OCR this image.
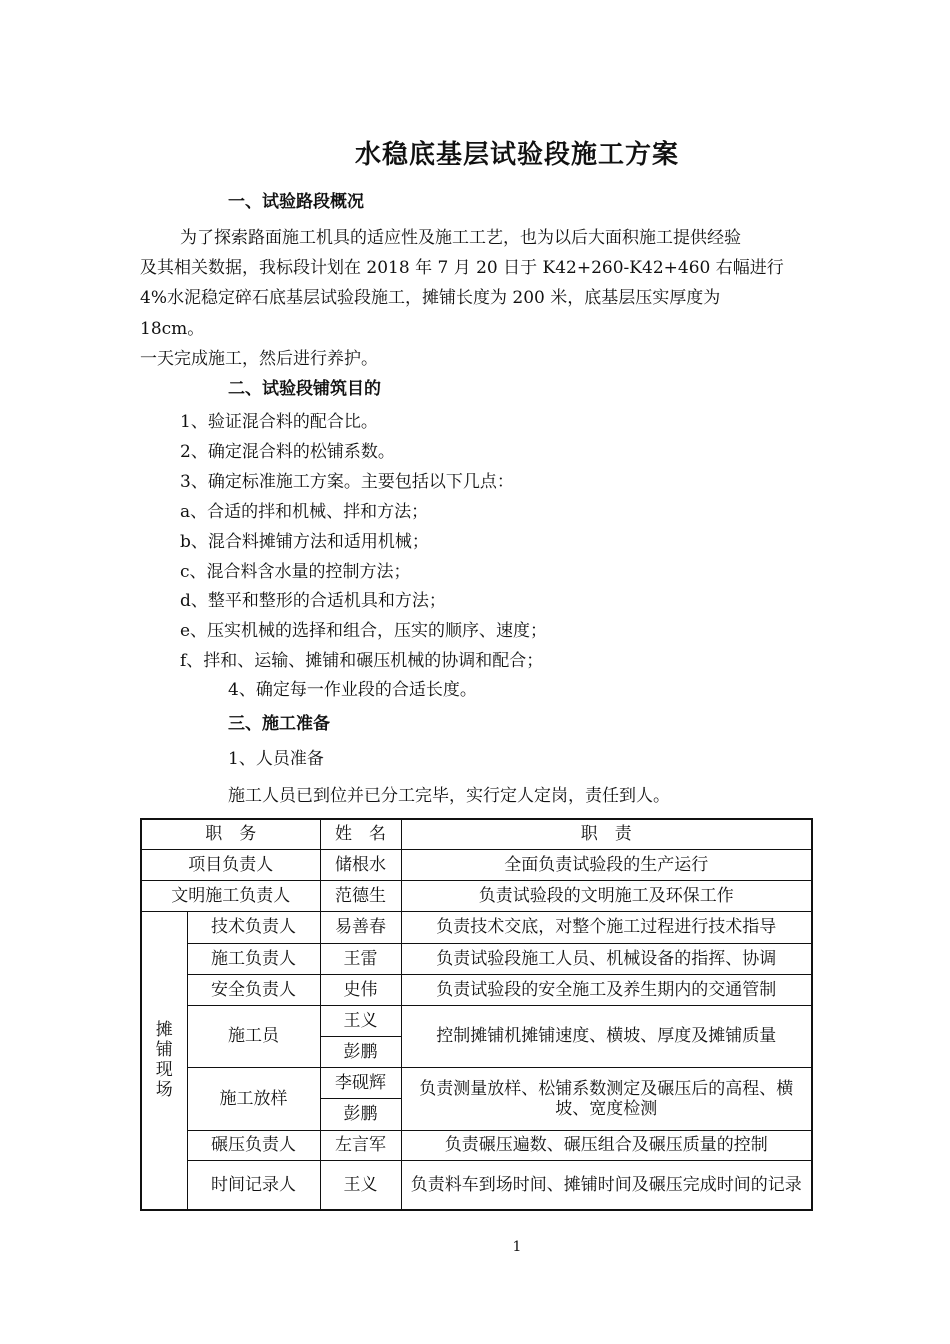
水稳底基层试验段施工方案
一、试验路段概况
为了探索路面施工机具的适应性及施工工艺，也为以后大面积施工提供经验
及其相关数据，我标段计划在 2018 年 7 月 20 日于 K42+260-K42+460 右幅进行
4%水泥稳定碎石底基层试验段施工，摊铺长度为 200 米，底基层压实厚度为
18cm。
一天完成施工，然后进行养护。
二、试验段铺筑目的
1、验证混合料的配合比。
2、确定混合料的松铺系数。
3、确定标准施工方案。主要包括以下几点：
a、合适的拌和机械、拌和方法；
b、混合料摊铺方法和适用机械；
c、混合料含水量的控制方法；
d、整平和整形的合适机具和方法；
e、压实机械的选择和组合，压实的顺序、速度；
f、拌和、运输、摊铺和碾压机械的协调和配合；
4、确定每一作业段的合适长度。
三、施工准备
1、人员准备
施工人员已到位并已分工完毕，实行定人定岗，责任到人。
职　务		姓　名	职　责
项目负责人		储根水	全面负责试验段的生产运行
文明施工负责人		范德生	负责试验段的文明施工及环保工作

摊铺现场	技术负责人	易善春	负责技术交底，对整个施工过程进行技术指导
	施工负责人	王雷	负责试验段施工人员、机械设备的指挥、协调
	安全负责人	史伟	负责试验段的安全施工及养生期内的交通管制
	施工员	王义	控制摊铺机摊铺速度、横坡、厚度及摊铺质量
		彭鹏	
	施工放样	李砚辉	负责测量放样、松铺系数测定及碾压后的高程、横坡、宽度检测
		彭鹏	
	碾压负责人	左言军	负责碾压遍数、碾压组合及碾压质量的控制
	时间记录人	王义	负责料车到场时间、摊铺时间及碾压完成时间的记录
1
